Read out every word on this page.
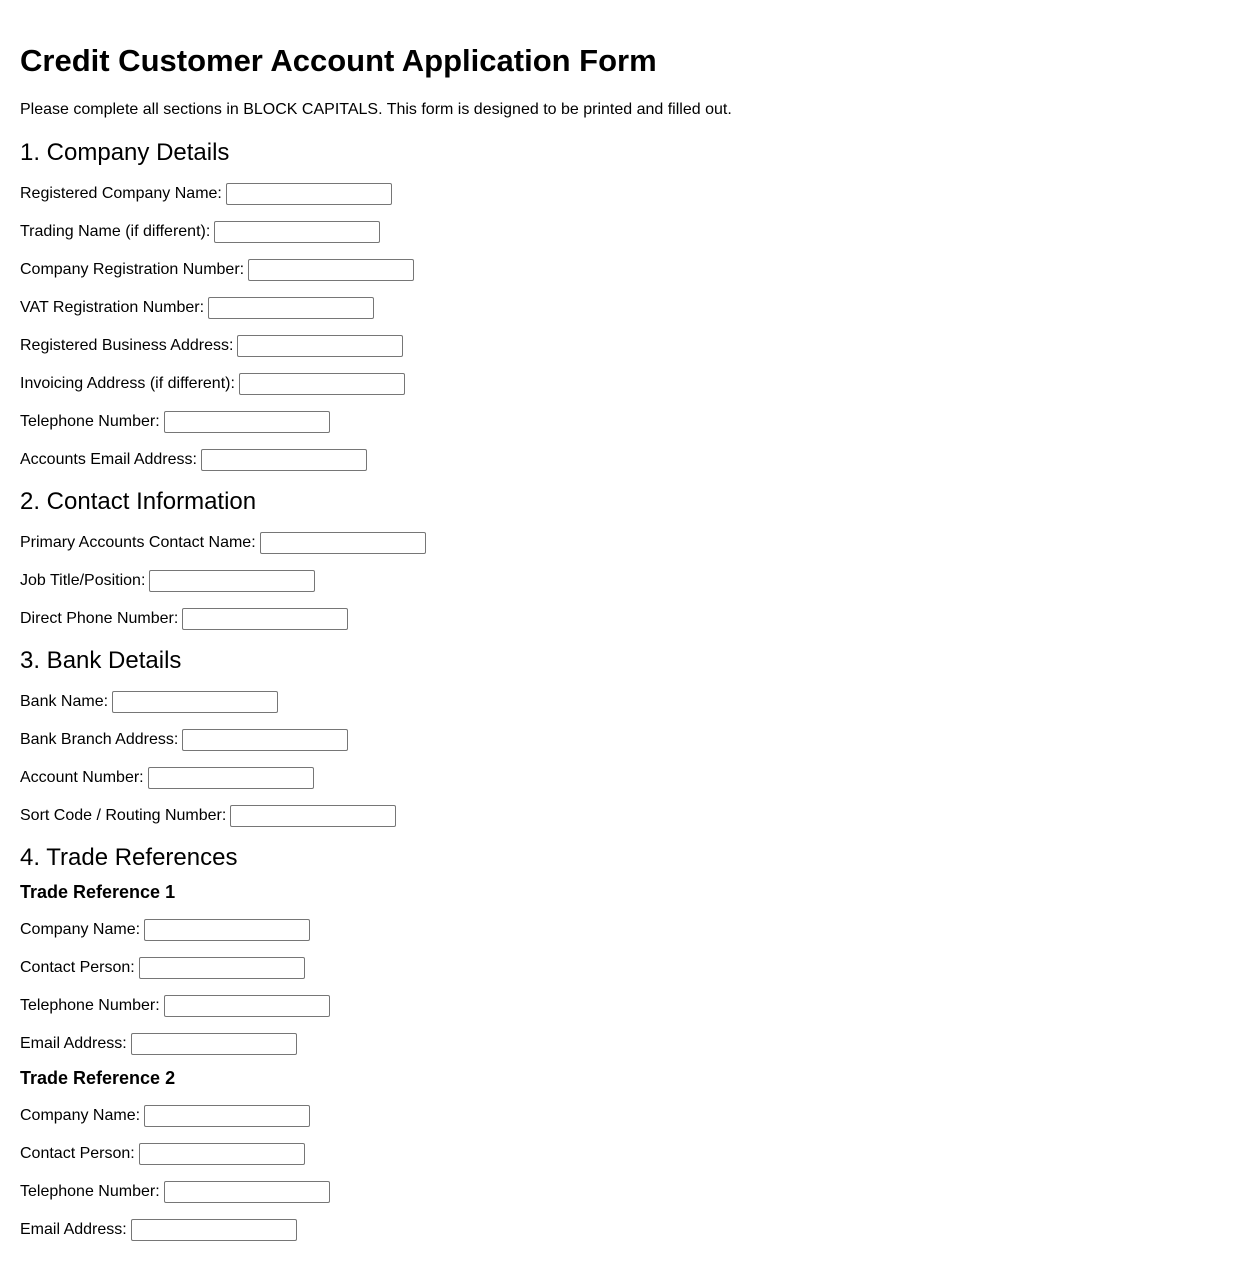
Credit Customer Account Application Form

Please complete all sections in BLOCK CAPITALS. This form is designed to be printed and filled out.

1. Company Details
Registered Company Name:
Trading Name (if different):
Company Registration Number:
VAT Registration Number:
Registered Business Address:
Invoicing Address (if different):
Telephone Number:
Accounts Email Address:
2. Contact Information
Primary Accounts Contact Name:
Job Title/Position:
Direct Phone Number:
3. Bank Details
Bank Name:
Bank Branch Address:
Account Number:
Sort Code / Routing Number:
4. Trade References
Trade Reference 1
Company Name:
Contact Person:
Telephone Number:
Email Address:
Trade Reference 2
Company Name:
Contact Person:
Telephone Number:
Email Address:
